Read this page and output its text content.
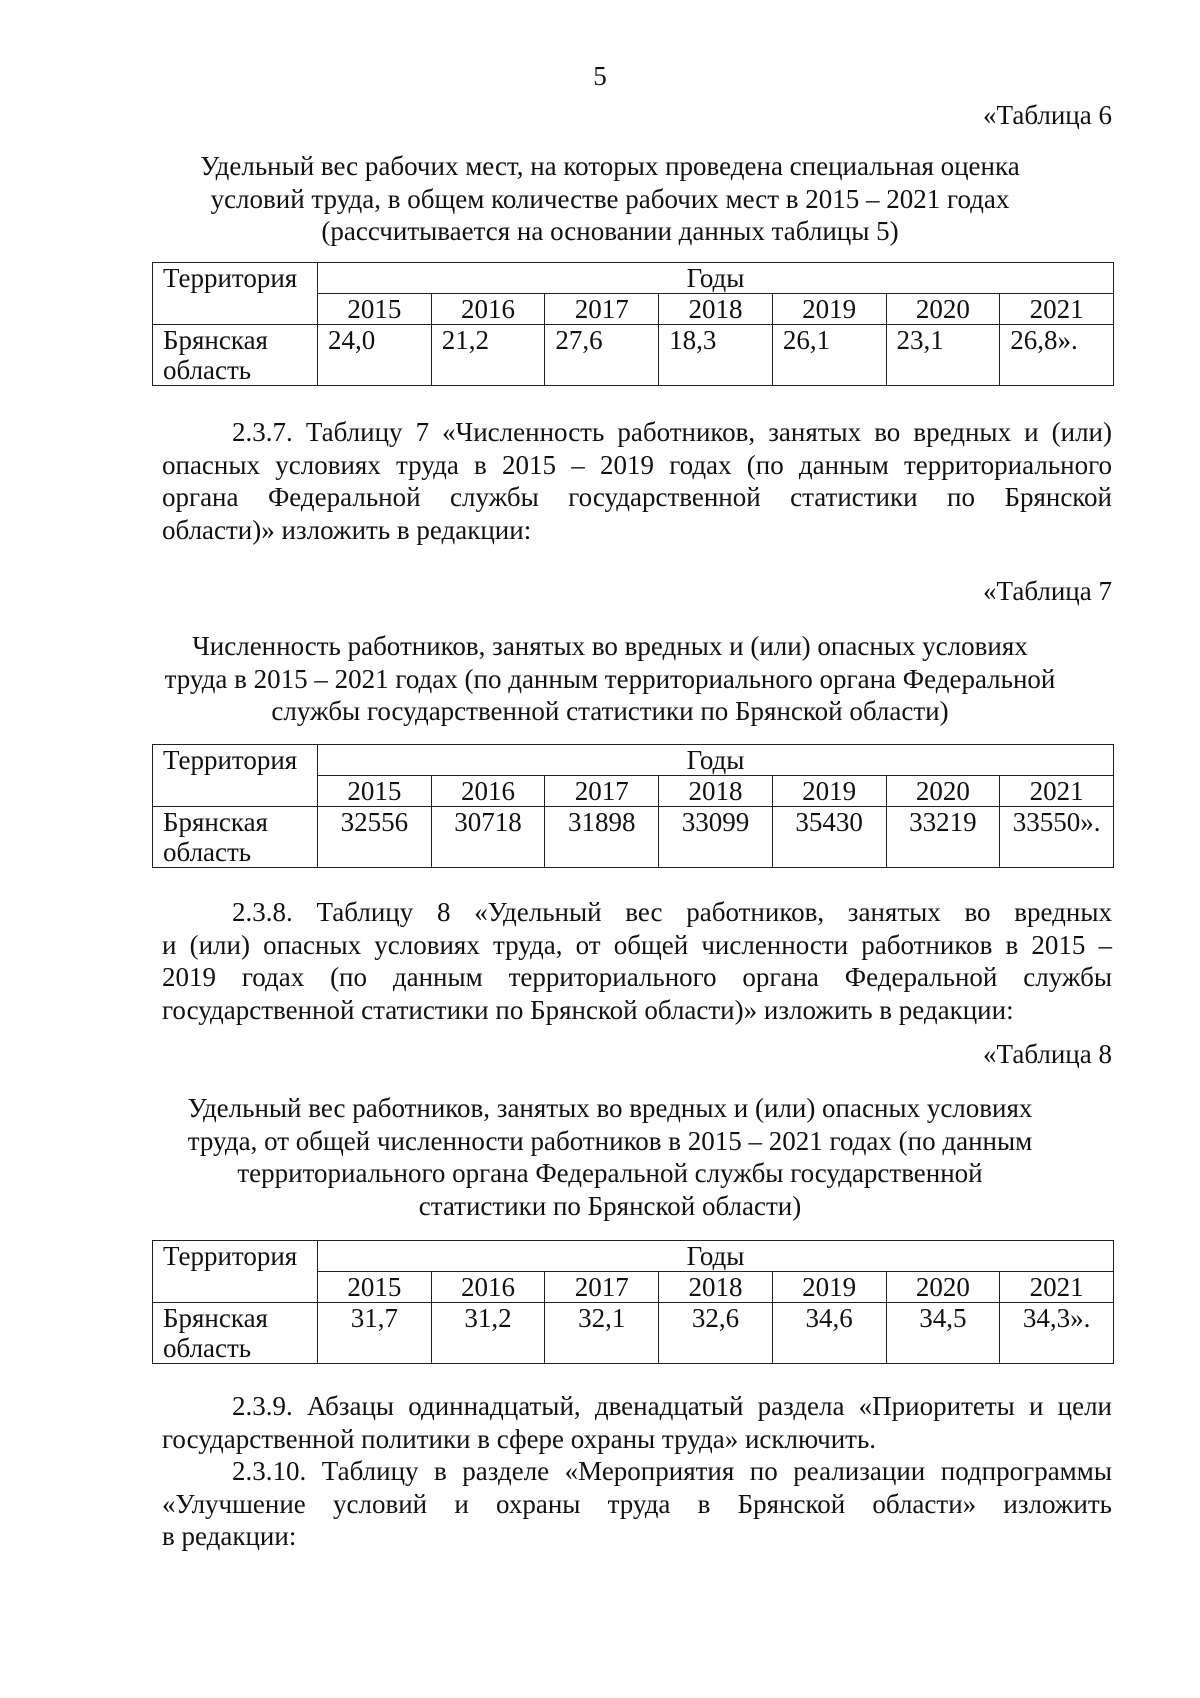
5
«Таблица 6
Удельный вес рабочих мест, на которых проведена специальная оценка
условий труда, в общем количестве рабочих мест в 2015 – 2021 годах
(рассчитывается на основании данных таблицы 5)
Территория	Годы						
	2015	2016	2017	2018	2019	2020	2021
Брянская
область	24,0	21,2	27,6	18,3	26,1	23,1	26,8».
2.3.7. Таблицу 7 «Численность работников, занятых во вредных и (или)
опасных условиях труда в 2015 – 2019 годах (по данным территориального
органа Федеральной службы государственной статистики по Брянской
области)» изложить в редакции:
«Таблица 7
Численность работников, занятых во вредных и (или) опасных условиях
труда в 2015 – 2021 годах (по данным территориального органа Федеральной
службы государственной статистики по Брянской области)
Территория	Годы						
	2015	2016	2017	2018	2019	2020	2021
Брянская
область	32556	30718	31898	33099	35430	33219	33550».
2.3.8. Таблицу 8 «Удельный вес работников, занятых во вредных
и (или) опасных условиях труда, от общей численности работников в 2015 –
2019 годах (по данным территориального органа Федеральной службы
государственной статистики по Брянской области)» изложить в редакции:
«Таблица 8
Удельный вес работников, занятых во вредных и (или) опасных условиях
труда, от общей численности работников в 2015 – 2021 годах (по данным
территориального органа Федеральной службы государственной
статистики по Брянской области)
Территория	Годы						
	2015	2016	2017	2018	2019	2020	2021
Брянская
область	31,7	31,2	32,1	32,6	34,6	34,5	34,3».
2.3.9. Абзацы одиннадцатый, двенадцатый раздела «Приоритеты и цели
государственной политики в сфере охраны труда» исключить.
2.3.10. Таблицу в разделе «Мероприятия по реализации подпрограммы
«Улучшение условий и охраны труда в Брянской области» изложить
в редакции:
